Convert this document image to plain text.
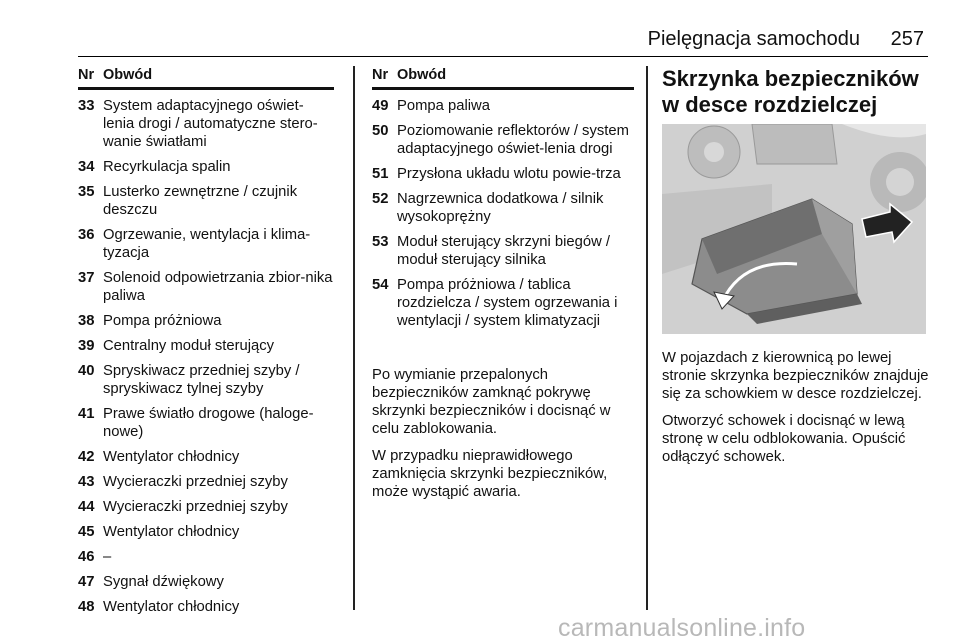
Pielęgnacja samochodu 257
Nr Obwód
33 System adaptacyjnego oświet-lenia drogi / automatyczne stero-wanie światłami
34 Recyrkulacja spalin
35 Lusterko zewnętrzne / czujnik deszczu
36 Ogrzewanie, wentylacja i klima-tyzacja
37 Solenoid odpowietrzania zbior-nika paliwa
38 Pompa próżniowa
39 Centralny moduł sterujący
40 Spryskiwacz przedniej szyby / spryskiwacz tylnej szyby
41 Prawe światło drogowe (haloge-nowe)
42 Wentylator chłodnicy
43 Wycieraczki przedniej szyby
44 Wycieraczki przedniej szyby
45 Wentylator chłodnicy
46 –
47 Sygnał dźwiękowy
48 Wentylator chłodnicy
Nr Obwód
49 Pompa paliwa
50 Poziomowanie reflektorów / system adaptacyjnego oświet-lenia drogi
51 Przysłona układu wlotu powie-trza
52 Nagrzewnica dodatkowa / silnik wysokoprężny
53 Moduł sterujący skrzyni biegów / moduł sterujący silnika
54 Pompa próżniowa / tablica rozdzielcza / system ogrzewania i wentylacji / system klimatyzacji

Po wymianie przepalonych bezpieczników zamknąć pokrywę skrzynki bezpieczników i docisnąć w celu zablokowania.

W przypadku nieprawidłowego zamknięcia skrzynki bezpieczników, może wystąpić awaria.

Skrzynka bezpieczników w desce rozdzielczej

W pojazdach z kierownicą po lewej stronie skrzynka bezpieczników znajduje się za schowkiem w desce rozdzielczej.

Otworzyć schowek i docisnąć w lewą stronę w celu odblokowania. Opuścić odłączyć schowek.

carmanualsonline.info
